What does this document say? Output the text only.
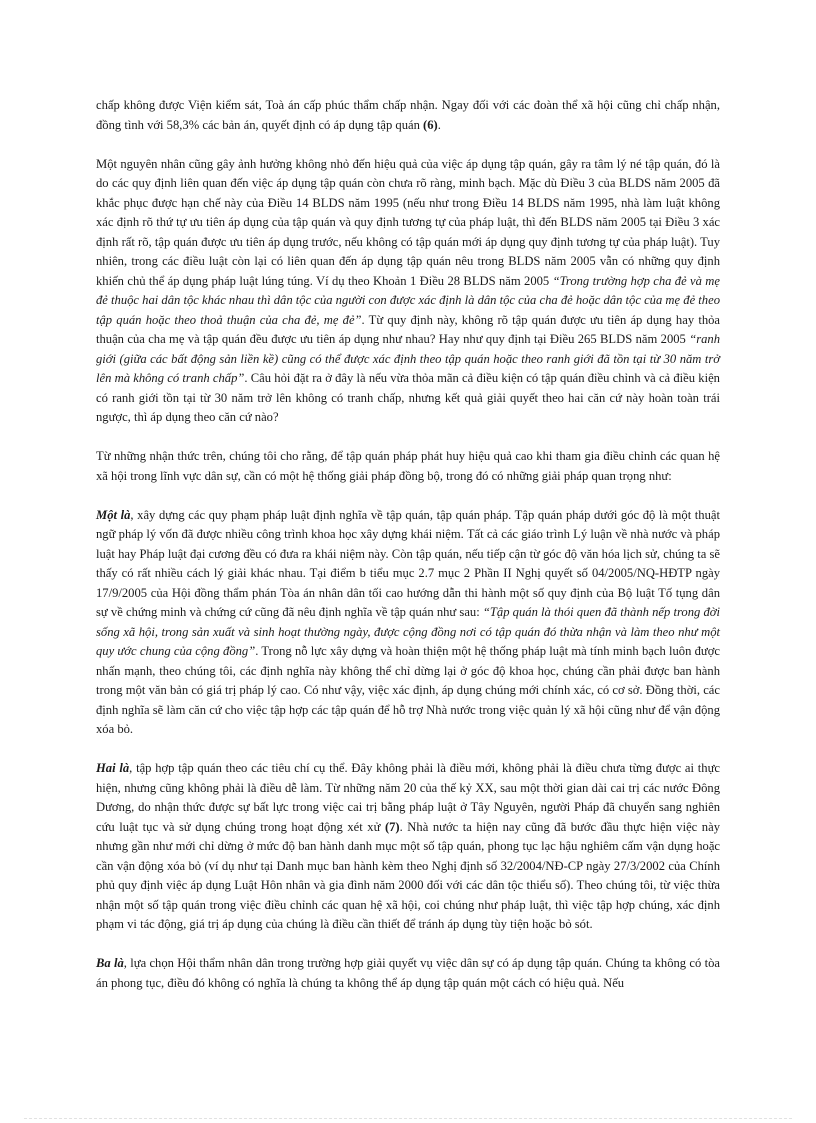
chấp không được Viện kiểm sát, Toà án cấp phúc thẩm chấp nhận. Ngay đối với các đoàn thể xã hội cũng chỉ chấp nhận, đồng tình với 58,3% các bản án, quyết định có áp dụng tập quán (6).

Một nguyên nhân cũng gây ảnh hưởng không nhỏ đến hiệu quả của việc áp dụng tập quán, gây ra tâm lý né tập quán, đó là do các quy định liên quan đến việc áp dụng tập quán còn chưa rõ ràng, minh bạch. Mặc dù Điều 3 của BLDS năm 2005 đã khắc phục được hạn chế này của Điều 14 BLDS năm 1995 (nếu như trong Điều 14 BLDS năm 1995, nhà làm luật không xác định rõ thứ tự ưu tiên áp dụng của tập quán và quy định tương tự của pháp luật, thì đến BLDS năm 2005 tại Điều 3 xác định rất rõ, tập quán được ưu tiên áp dụng trước, nếu không có tập quán mới áp dụng quy định tương tự của pháp luật). Tuy nhiên, trong các điều luật còn lại có liên quan đến áp dụng tập quán nêu trong BLDS năm 2005 vẫn có những quy định khiến chủ thể áp dụng pháp luật lúng túng. Ví dụ theo Khoản 1 Điều 28 BLDS năm 2005 “Trong trường hợp cha đẻ và mẹ đẻ thuộc hai dân tộc khác nhau thì dân tộc của người con được xác định là dân tộc của cha đẻ hoặc dân tộc của mẹ đẻ theo tập quán hoặc theo thoả thuận của cha đẻ, mẹ đẻ”. Từ quy định này, không rõ tập quán được ưu tiên áp dụng hay thỏa thuận của cha mẹ và tập quán đều được ưu tiên áp dụng như nhau? Hay như quy định tại Điều 265 BLDS năm 2005 “ranh giới (giữa các bất động sản liền kề) cũng có thể được xác định theo tập quán hoặc theo ranh giới đã tồn tại từ 30 năm trở lên mà không có tranh chấp”. Câu hỏi đặt ra ở đây là nếu vừa thỏa mãn cả điều kiện có tập quán điều chỉnh và cả điều kiện có ranh giới tồn tại từ 30 năm trở lên không có tranh chấp, nhưng kết quả giải quyết theo hai căn cứ này hoàn toàn trái ngược, thì áp dụng theo căn cứ nào?

Từ những nhận thức trên, chúng tôi cho rằng, để tập quán pháp phát huy hiệu quả cao khi tham gia điều chỉnh các quan hệ xã hội trong lĩnh vực dân sự, cần có một hệ thống giải pháp đồng bộ, trong đó có những giải pháp quan trọng như:

Một là, xây dựng các quy phạm pháp luật định nghĩa về tập quán, tập quán pháp. Tập quán pháp dưới góc độ là một thuật ngữ pháp lý vốn đã được nhiều công trình khoa học xây dựng khái niệm. Tất cả các giáo trình Lý luận về nhà nước và pháp luật hay Pháp luật đại cương đều có đưa ra khái niệm này. Còn tập quán, nếu tiếp cận từ góc độ văn hóa lịch sử, chúng ta sẽ thấy có rất nhiều cách lý giải khác nhau. Tại điểm b tiểu mục 2.7 mục 2 Phần II Nghị quyết số 04/2005/NQ-HĐTP ngày 17/9/2005 của Hội đồng thẩm phán Tòa án nhân dân tối cao hướng dẫn thi hành một số quy định của Bộ luật Tố tụng dân sự về chứng minh và chứng cứ cũng đã nêu định nghĩa về tập quán như sau: “Tập quán là thói quen đã thành nếp trong đời sống xã hội, trong sản xuất và sinh hoạt thường ngày, được cộng đồng nơi có tập quán đó thừa nhận và làm theo như một quy ước chung của cộng đồng”. Trong nỗ lực xây dựng và hoàn thiện một hệ thống pháp luật mà tính minh bạch luôn được nhấn mạnh, theo chúng tôi, các định nghĩa này không thể chỉ dừng lại ở góc độ khoa học, chúng cần phải được ban hành trong một văn bản có giá trị pháp lý cao. Có như vậy, việc xác định, áp dụng chúng mới chính xác, có cơ sở. Đồng thời, các định nghĩa sẽ làm căn cứ cho việc tập hợp các tập quán để hỗ trợ Nhà nước trong việc quản lý xã hội cũng như để vận động xóa bỏ.

Hai là, tập hợp tập quán theo các tiêu chí cụ thể. Đây không phải là điều mới, không phải là điều chưa từng được ai thực hiện, nhưng cũng không phải là điều dễ làm. Từ những năm 20 của thế kỷ XX, sau một thời gian dài cai trị các nước Đông Dương, do nhận thức được sự bất lực trong việc cai trị bằng pháp luật ở Tây Nguyên, người Pháp đã chuyển sang nghiên cứu luật tục và sử dụng chúng trong hoạt động xét xử (7). Nhà nước ta hiện nay cũng đã bước đầu thực hiện việc này nhưng gần như mới chỉ dừng ở mức độ ban hành danh mục một số tập quán, phong tục lạc hậu nghiêm cấm vận dụng hoặc cần vận động xóa bỏ (ví dụ như tại Danh mục ban hành kèm theo Nghị định số 32/2004/NĐ-CP ngày 27/3/2002 của Chính phủ quy định việc áp dụng Luật Hôn nhân và gia đình năm 2000 đối với các dân tộc thiểu số). Theo chúng tôi, từ việc thừa nhận một số tập quán trong việc điều chỉnh các quan hệ xã hội, coi chúng như pháp luật, thì việc tập hợp chúng, xác định phạm vi tác động, giá trị áp dụng của chúng là điều cần thiết để tránh áp dụng tùy tiện hoặc bỏ sót.

Ba là, lựa chọn Hội thẩm nhân dân trong trường hợp giải quyết vụ việc dân sự có áp dụng tập quán. Chúng ta không có tòa án phong tục, điều đó không có nghĩa là chúng ta không thể áp dụng tập quán một cách có hiệu quả. Nếu
